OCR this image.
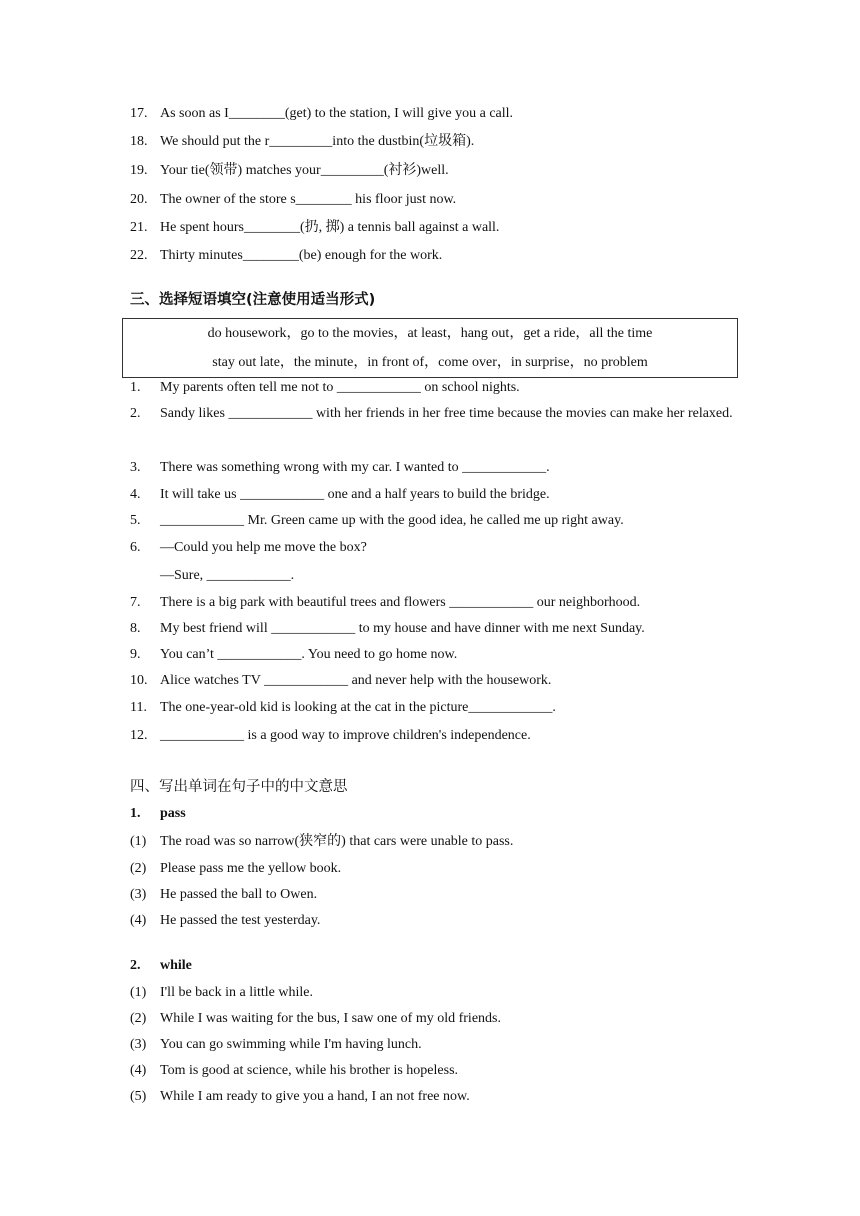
17. As soon as I________(get) to the station, I will give you a call.
18. We should put the r_________into the dustbin(垃圾箱).
19. Your tie(领带) matches your_________(衬衫)well.
20. The owner of the store s________ his floor just now.
21. He spent hours________(扔, 掷) a tennis ball against a wall.
22. Thirty minutes________(be) enough for the work.
三、选择短语填空(注意使用适当形式)
do housework，go to the movies，at least，hang out，get a ride，all the time
stay out late，the minute，in front of，come over，in surprise，no problem
1. My parents often tell me not to ____________ on school nights.
2. Sandy likes ____________ with her friends in her free time because the movies can make her relaxed.
3. There was something wrong with my car. I wanted to ____________.
4. It will take us ____________ one and a half years to build the bridge.
5. ____________ Mr. Green came up with the good idea, he called me up right away.
6. —Could you help me move the box?
—Sure, ____________.
7. There is a big park with beautiful trees and flowers ____________ our neighborhood.
8. My best friend will ____________ to my house and have dinner with me next Sunday.
9. You can’t ____________. You need to go home now.
10. Alice watches TV ____________ and never help with the housework.
11. The one-year-old kid is looking at the cat in the picture____________.
12. ____________ is a good way to improve children's independence.
四、写出单词在句子中的中文意思
1. pass
(1) The road was so narrow(狭窄的) that cars were unable to pass.
(2) Please pass me the yellow book.
(3) He passed the ball to Owen.
(4) He passed the test yesterday.
2. while
(1) I'll be back in a little while.
(2) While I was waiting for the bus, I saw one of my old friends.
(3) You can go swimming while I'm having lunch.
(4) Tom is good at science, while his brother is hopeless.
(5) While I am ready to give you a hand, I an not free now.
